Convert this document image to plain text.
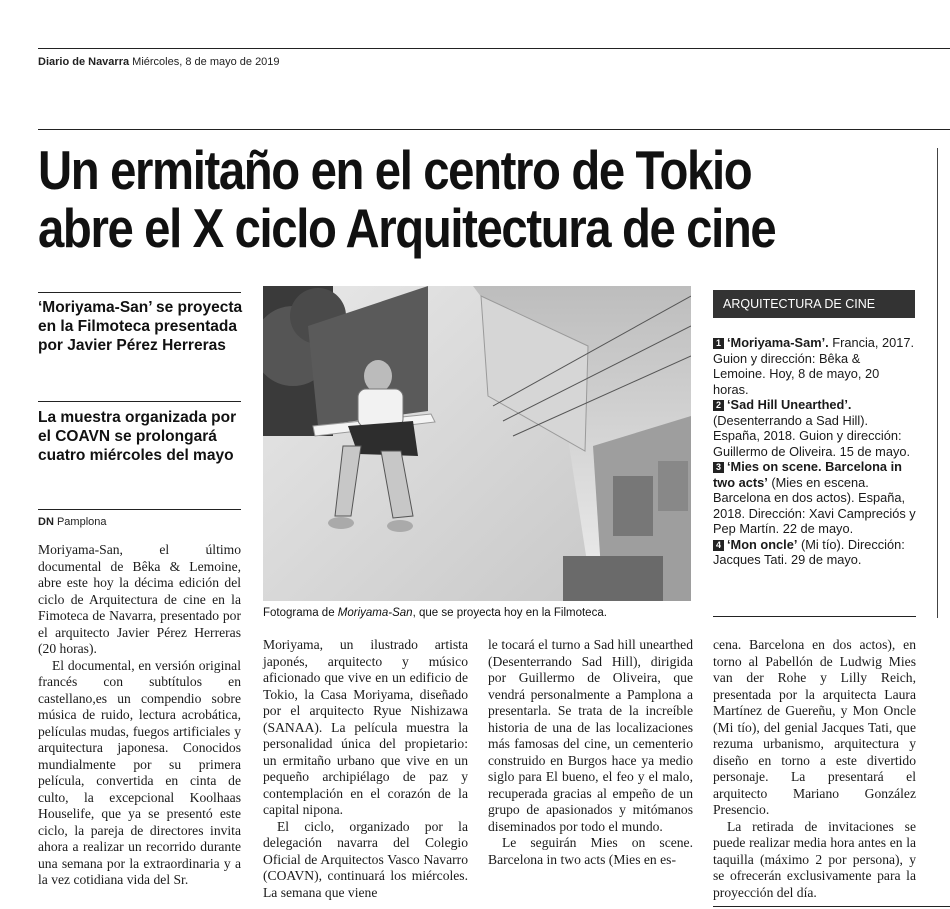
Diario de Navarra Miércoles, 8 de mayo de 2019
Un ermitaño en el centro de Tokio
abre el X ciclo Arquitectura de cine
‘Moriyama-San’ se proyecta en la Filmoteca presentada por Javier Pérez Herreras
La muestra organizada por el COAVN se prolongará cuatro miércoles del mayo
DN Pamplona
Fotograma de Moriyama-San, que se proyecta hoy en la Filmoteca.
ARQUITECTURA DE CINE

1 ‘Moriyama-Sam’. Francia, 2017. Guion y dirección: Bêka & Lemoine. Hoy, 8 de mayo, 20 horas.

2 ‘Sad Hill Unearthed’. (Desenterrando a Sad Hill). España, 2018. Guion y dirección: Guillermo de Oliveira. 15 de mayo.

3 ‘Mies on scene. Barcelona in two acts’ (Mies en escena. Barcelona en dos actos). España, 2018. Dirección: Xavi Campreciós y Pep Martín. 22 de mayo.

4 ‘Mon oncle’ (Mi tío). Dirección: Jacques Tati. 29 de mayo.

Moriyama-San, el último documental de Bêka & Lemoine, abre este hoy la décima edición del ciclo de Arquitectura de cine en la Fimoteca de Navarra, presentado por el arquitecto Javier Pérez Herreras (20 horas).

El documental, en versión original francés con subtítulos en castellano,es un compendio sobre música de ruido, lectura acrobática, películas mudas, fuegos artificiales y arquitectura japonesa. Conocidos mundialmente por su primera película, convertida en cinta de culto, la excepcional Koolhaas Houselife, que ya se presentó este ciclo, la pareja de directores invita ahora a realizar un recorrido durante una semana por la extraordinaria y a la vez cotidiana vida del Sr.

Moriyama, un ilustrado artista japonés, arquitecto y músico aficionado que vive en un edificio de Tokio, la Casa Moriyama, diseñado por el arquitecto Ryue Nishizawa (SANAA). La película muestra la personalidad única del propietario: un ermitaño urbano que vive en un pequeño archipiélago de paz y contemplación en el corazón de la capital nipona.

El ciclo, organizado por la delegación navarra del Colegio Oficial de Arquitectos Vasco Navarro (COAVN), continuará los miércoles. La semana que viene

le tocará el turno a Sad hill unearthed (Desenterrando Sad Hill), dirigida por Guillermo de Oliveira, que vendrá personalmente a Pamplona a presentarla. Se trata de la increíble historia de una de las localizaciones más famosas del cine, un cementerio construido en Burgos hace ya medio siglo para El bueno, el feo y el malo, recuperada gracias al empeño de un grupo de apasionados y mitómanos diseminados por todo el mundo.

Le seguirán Mies on scene. Barcelona in two acts (Mies en es-

cena. Barcelona en dos actos), en torno al Pabellón de Ludwig Mies van der Rohe y Lilly Reich, presentada por la arquitecta Laura Martínez de Guereñu, y Mon Oncle (Mi tío), del genial Jacques Tati, que rezuma urbanismo, arquitectura y diseño en torno a este divertido personaje. La presentará el arquitecto Mariano González Presencio.

La retirada de invitaciones se puede realizar media hora antes en la taquilla (máximo 2 por persona), y se ofrecerán exclusivamente para la proyección del día.
